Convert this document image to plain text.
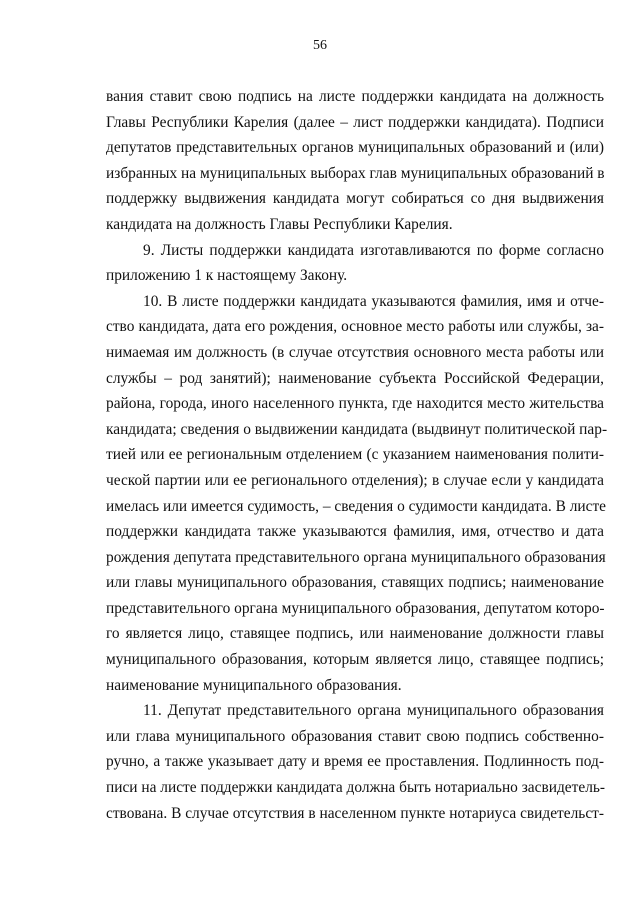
56
вания ставит свою подпись на листе поддержки кандидата на должность
Главы Республики Карелия (далее – лист поддержки кандидата). Подписи
депутатов представительных органов муниципальных образований и (или)
избранных на муниципальных выборах глав муниципальных образований в
поддержку выдвижения кандидата могут собираться со дня выдвижения
кандидата на должность Главы Республики Карелия.
9. Листы поддержки кандидата изготавливаются по форме согласно
приложению 1 к настоящему Закону.
10. В листе поддержки кандидата указываются фамилия, имя и отче-
ство кандидата, дата его рождения, основное место работы или службы, за-
нимаемая им должность (в случае отсутствия основного места работы или
службы – род занятий); наименование субъекта Российской Федерации,
района, города, иного населенного пункта, где находится место жительства
кандидата; сведения о выдвижении кандидата (выдвинут политической пар-
тией или ее региональным отделением (с указанием наименования полити-
ческой партии или ее регионального отделения); в случае если у кандидата
имелась или имеется судимость, – сведения о судимости кандидата. В листе
поддержки кандидата также указываются фамилия, имя, отчество и дата
рождения депутата представительного органа муниципального образования
или главы муниципального образования, ставящих подпись; наименование
представительного органа муниципального образования, депутатом которо-
го является лицо, ставящее подпись, или наименование должности главы
муниципального образования, которым является лицо, ставящее подпись;
наименование муниципального образования.
11. Депутат представительного органа муниципального образования
или глава муниципального образования ставит свою подпись собственно-
ручно, а также указывает дату и время ее проставления. Подлинность под-
писи на листе поддержки кандидата должна быть нотариально засвидетель-
ствована. В случае отсутствия в населенном пункте нотариуса свидетельст-
